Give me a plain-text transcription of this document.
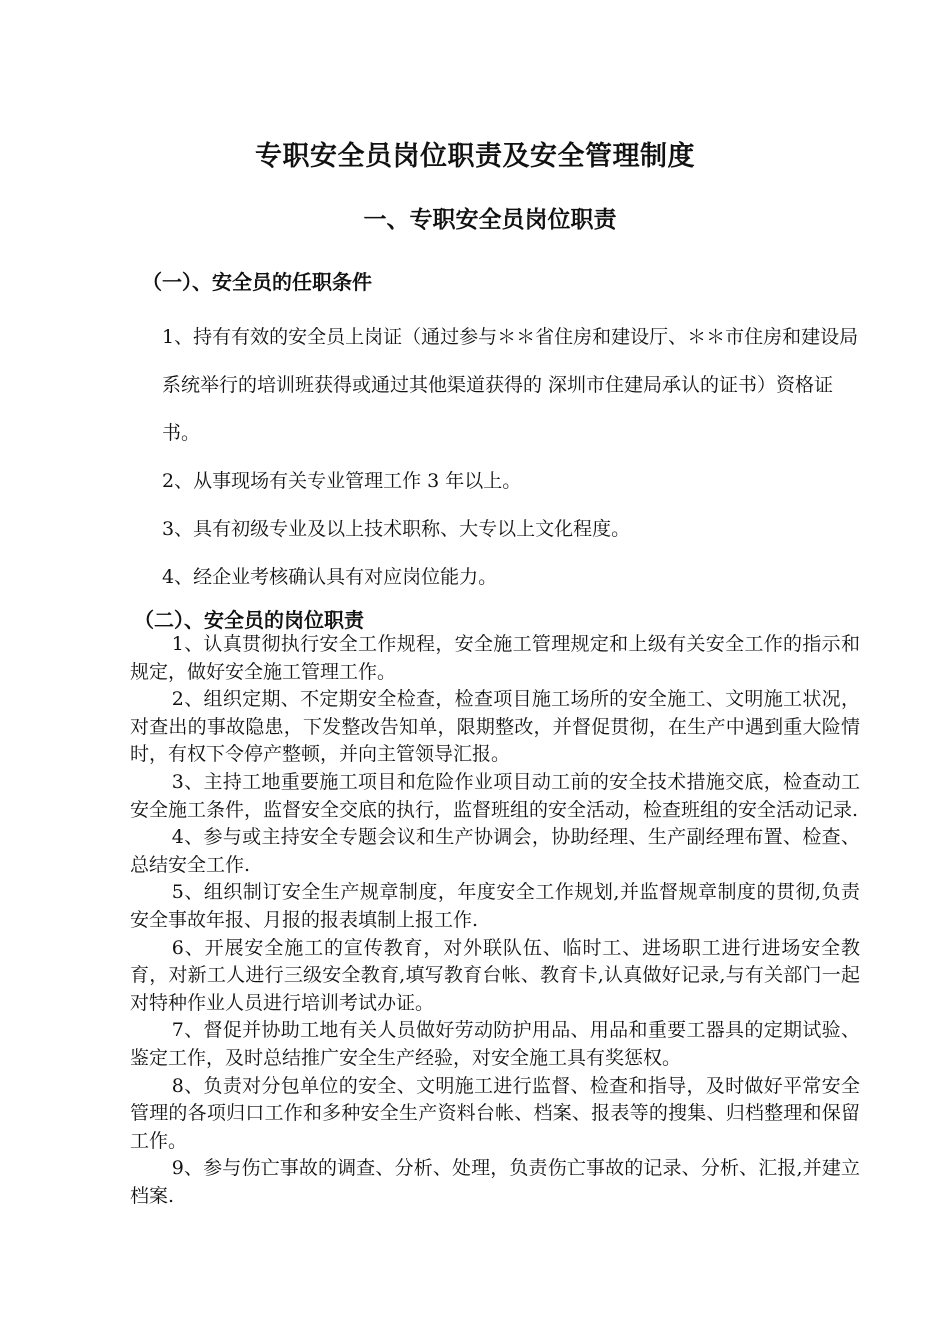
专职安全员岗位职责及安全管理制度
一、专职安全员岗位职责
（一）、安全员的任职条件

1、持有有效的安全员上岗证（通过参与＊＊省住房和建设厅、＊＊市住房和建设局系统举行的培训班获得或通过其他渠道获得的 深圳市住建局承认的证书）资格证书。

2、从事现场有关专业管理工作 3 年以上。

3、具有初级专业及以上技术职称、大专以上文化程度。

4、经企业考核确认具有对应岗位能力。

（二）、安全员的岗位职责

1、认真贯彻执行安全工作规程，安全施工管理规定和上级有关安全工作的指示和规定，做好安全施工管理工作。

2、组织定期、不定期安全检查，检查项目施工场所的安全施工、文明施工状况，对查出的事故隐患，下发整改告知单，限期整改，并督促贯彻，在生产中遇到重大险情时，有权下令停产整顿，并向主管领导汇报。

3、主持工地重要施工项目和危险作业项目动工前的安全技术措施交底，检查动工安全施工条件，监督安全交底的执行，监督班组的安全活动，检查班组的安全活动记录.

4、参与或主持安全专题会议和生产协调会，协助经理、生产副经理布置、检查、总结安全工作.

5、组织制订安全生产规章制度，年度安全工作规划,并监督规章制度的贯彻,负责安全事故年报、月报的报表填制上报工作.

6、开展安全施工的宣传教育，对外联队伍、临时工、进场职工进行进场安全教育，对新工人进行三级安全教育,填写教育台帐、教育卡,认真做好记录,与有关部门一起对特种作业人员进行培训考试办证。

7、督促并协助工地有关人员做好劳动防护用品、用品和重要工器具的定期试验、鉴定工作，及时总结推广安全生产经验，对安全施工具有奖惩权。

8、负责对分包单位的安全、文明施工进行监督、检查和指导，及时做好平常安全管理的各项归口工作和多种安全生产资料台帐、档案、报表等的搜集、归档整理和保留工作。

9、参与伤亡事故的调查、分析、处理，负责伤亡事故的记录、分析、汇报,并建立档案.
